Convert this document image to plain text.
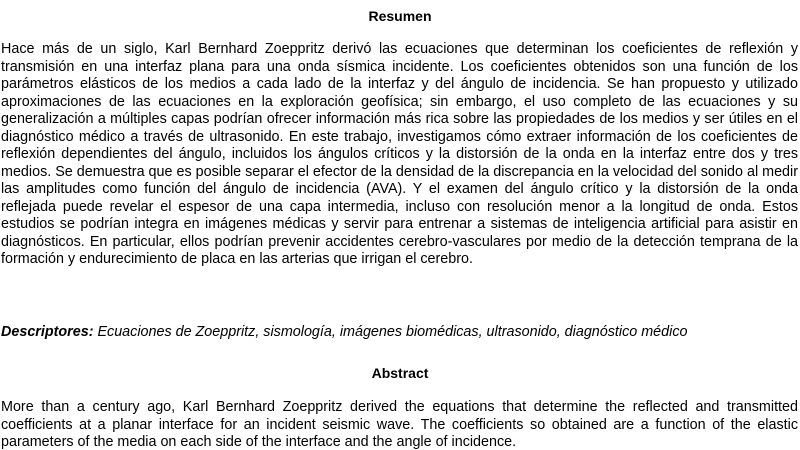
Resumen

Hace más de un siglo, Karl Bernhard Zoeppritz derivó las ecuaciones que determinan los coeficientes de reflexión y transmisión en una interfaz plana para una onda sísmica incidente. Los coeficientes obtenidos son una función de los parámetros elásticos de los medios a cada lado de la interfaz y del ángulo de incidencia. Se han propuesto y utilizado aproximaciones de las ecuaciones en la exploración geofísica; sin embargo, el uso completo de las ecuaciones y su generalización a múltiples capas podrían ofrecer información más rica sobre las propiedades de los medios y ser útiles en el diagnóstico médico a través de ultrasonido. En este trabajo, investigamos cómo extraer información de los coeficientes de reflexión dependientes del ángulo, incluidos los ángulos críticos y la distorsión de la onda en la interfaz entre dos y tres medios. Se demuestra que es posible separar el efector de la densidad de la discrepancia en la velocidad del sonido al medir las amplitudes como función del ángulo de incidencia (AVA). Y el examen del ángulo crítico y la distorsión de la onda reflejada puede revelar el espesor de una capa intermedia, incluso con resolución menor a la longitud de onda. Estos estudios se podrían integra en imágenes médicas y servir para entrenar a sistemas de inteligencia artificial para asistir en diagnósticos. En particular, ellos podrían prevenir accidentes cerebro-vasculares por medio de la detección temprana de la formación y endurecimiento de placa en las arterias que irrigan el cerebro.

Descriptores: Ecuaciones de Zoeppritz, sismología, imágenes biomédicas, ultrasonido, diagnóstico médico

Abstract

More than a century ago, Karl Bernhard Zoeppritz derived the equations that determine the reflected and transmitted coefficients at a planar interface for an incident seismic wave. The coefficients so obtained are a function of the elastic parameters of the media on each side of the interface and the angle of incidence.
